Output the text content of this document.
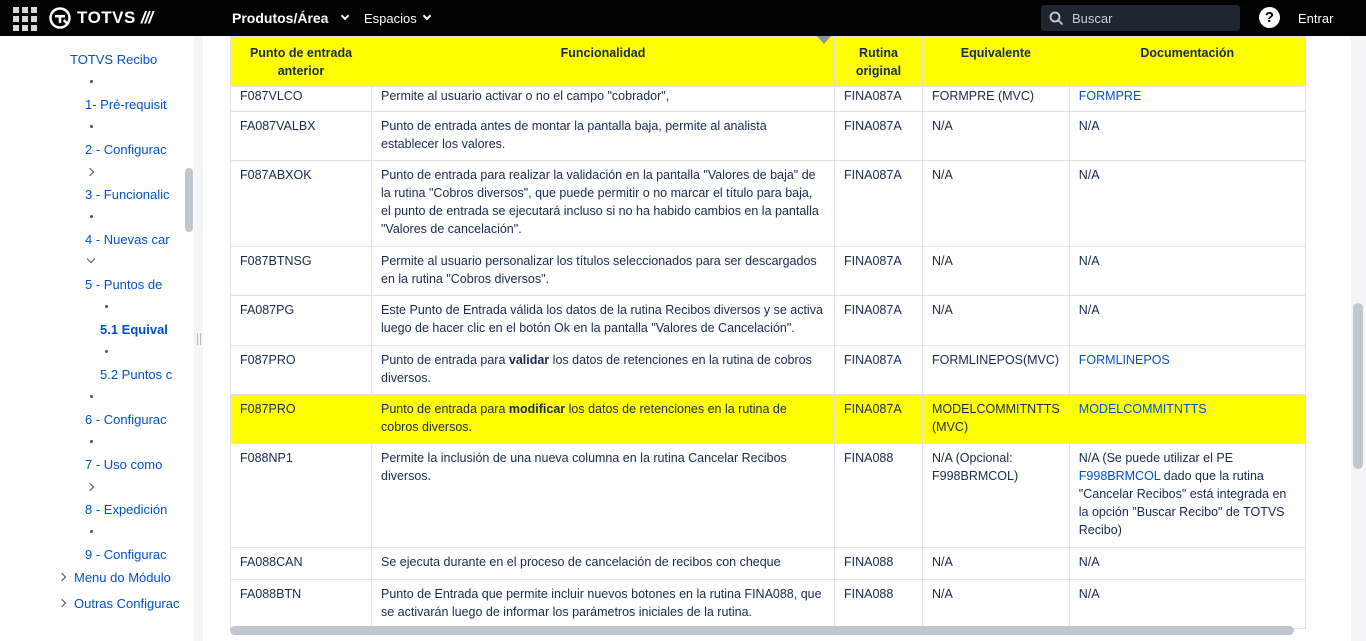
TOTVS ///	Produtos/Área	Espacios
Buscar	?	Entrar
TOTVS Recibo
1- Pré-requisit
2 - Configurac
3 - Funcionalic
4 - Nuevas car
5 - Puntos de
5.1 Equival
5.2 Puntos c
6 - Configurac
7 - Uso como
8 - Expedición
9 - Configurac
Menu do Módulo
Outras Configurac
Punto de entrada anterior	Funcionalidad	Rutina original	Equivalente	Documentación
F087VLCO	Permite al usuario activar o no el campo "cobrador",	FINA087A	FORMPRE (MVC)	FORMPRE
FA087VALBX	Punto de entrada antes de montar la pantalla baja, permite al analista establecer los valores.	FINA087A	N/A	N/A
F087ABXOK	Punto de entrada para realizar la validación en la pantalla "Valores de baja" de la rutina "Cobros diversos", que puede permitir o no marcar el título para baja, el punto de entrada se ejecutará incluso si no ha habido cambios en la pantalla "Valores de cancelación".	FINA087A	N/A	N/A
F087BTNSG	Permite al usuario personalizar los títulos seleccionados para ser descargados en la rutina "Cobros diversos".	FINA087A	N/A	N/A
FA087PG	Este Punto de Entrada válida los datos de la rutina Recibos diversos y se activa luego de hacer clic en el botón Ok en la pantalla "Valores de Cancelación".	FINA087A	N/A	N/A
F087PRO	Punto de entrada para validar los datos de retenciones en la rutina de cobros diversos.	FINA087A	FORMLINEPOS(MVC)	FORMLINEPOS
F087PRO	Punto de entrada para modificar los datos de retenciones en la rutina de cobros diversos.	FINA087A	MODELCOMMITNTTS (MVC)	MODELCOMMITNTTS
F088NP1	Permite la inclusión de una nueva columna en la rutina Cancelar Recibos diversos.	FINA088	N/A (Opcional: F998BRMCOL)	N/A (Se puede utilizar el PE F998BRMCOL dado que la rutina "Cancelar Recibos" está integrada en la opción "Buscar Recibo" de TOTVS Recibo)
FA088CAN	Se ejecuta durante en el proceso de cancelación de recibos con cheque	FINA088	N/A	N/A
FA088BTN	Punto de Entrada que permite incluir nuevos botones en la rutina FINA088, que se activarán luego de informar los parámetros iniciales de la rutina.	FINA088	N/A	N/A
